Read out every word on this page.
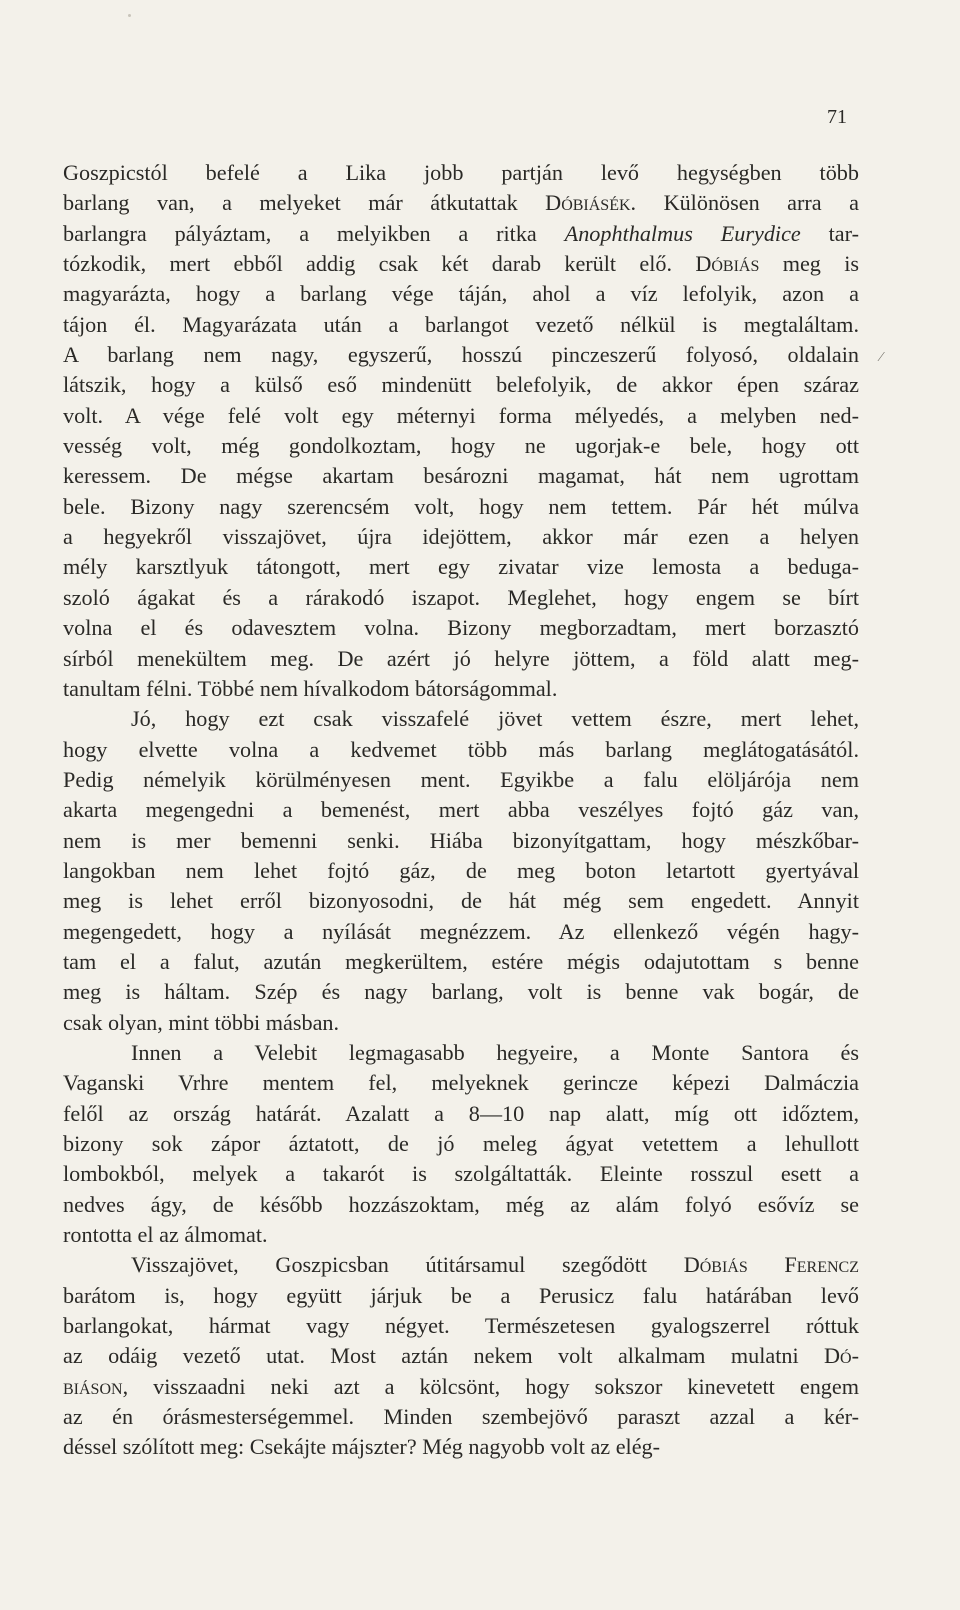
71
⁄
Goszpicstól befelé a Lika jobb partján levő hegységben több
barlang van, a melyeket már átkutattak Dóbiásék. Különösen arra a
barlangra pályáztam, a melyikben a ritka Anophthalmus Eurydice tar-
tózkodik, mert ebből addig csak két darab került elő. Dóbiás meg is
magyarázta, hogy a barlang vége táján, ahol a víz lefolyik, azon a
tájon él. Magyarázata után a barlangot vezető nélkül is megtaláltam.
A barlang nem nagy, egyszerű, hosszú pinczeszerű folyosó, oldalain
látszik, hogy a külső eső mindenütt belefolyik, de akkor épen száraz
volt. A vége felé volt egy méternyi forma mélyedés, a melyben ned-
vesség volt, még gondolkoztam, hogy ne ugorjak-e bele, hogy ott
keressem. De mégse akartam besározni magamat, hát nem ugrottam
bele. Bizony nagy szerencsém volt, hogy nem tettem. Pár hét múlva
a hegyekről visszajövet, újra idejöttem, akkor már ezen a helyen
mély karsztlyuk tátongott, mert egy zivatar vize lemosta a beduga-
szoló ágakat és a rárakodó iszapot. Meglehet, hogy engem se bírt
volna el és odavesztem volna. Bizony megborzadtam, mert borzasztó
sírból menekültem meg. De azért jó helyre jöttem, a föld alatt meg-
tanultam félni. Többé nem hívalkodom bátorságommal.
Jó, hogy ezt csak visszafelé jövet vettem észre, mert lehet,
hogy elvette volna a kedvemet több más barlang meglátogatásától.
Pedig némelyik körülményesen ment. Egyikbe a falu elöljárója nem
akarta megengedni a bemenést, mert abba veszélyes fojtó gáz van,
nem is mer bemenni senki. Hiába bizonyítgattam, hogy mészkőbar-
langokban nem lehet fojtó gáz, de meg boton letartott gyertyával
meg is lehet erről bizonyosodni, de hát még sem engedett. Annyit
megengedett, hogy a nyílását megnézzem. Az ellenkező végén hagy-
tam el a falut, azután megkerültem, estére mégis odajutottam s benne
meg is háltam. Szép és nagy barlang, volt is benne vak bogár, de
csak olyan, mint többi másban.
Innen a Velebit legmagasabb hegyeire, a Monte Santora és
Vaganski Vrhre mentem fel, melyeknek gerincze képezi Dalmáczia
felől az ország határát. Azalatt a 8—10 nap alatt, míg ott időztem,
bizony sok zápor áztatott, de jó meleg ágyat vetettem a lehullott
lombokból, melyek a takarót is szolgáltatták. Eleinte rosszul esett a
nedves ágy, de később hozzászoktam, még az alám folyó esővíz se
rontotta el az álmomat.
Visszajövet, Goszpicsban útitársamul szegődött Dóbiás Ferencz
barátom is, hogy együtt járjuk be a Perusicz falu határában levő
barlangokat, hármat vagy négyet. Természetesen gyalogszerrel róttuk
az odáig vezető utat. Most aztán nekem volt alkalmam mulatni Dó-
biáson, visszaadni neki azt a kölcsönt, hogy sokszor kinevetett engem
az én órásmesterségemmel. Minden szembejövő paraszt azzal a kér-
déssel szólított meg: Csekájte májszter? Még nagyobb volt az elég-
